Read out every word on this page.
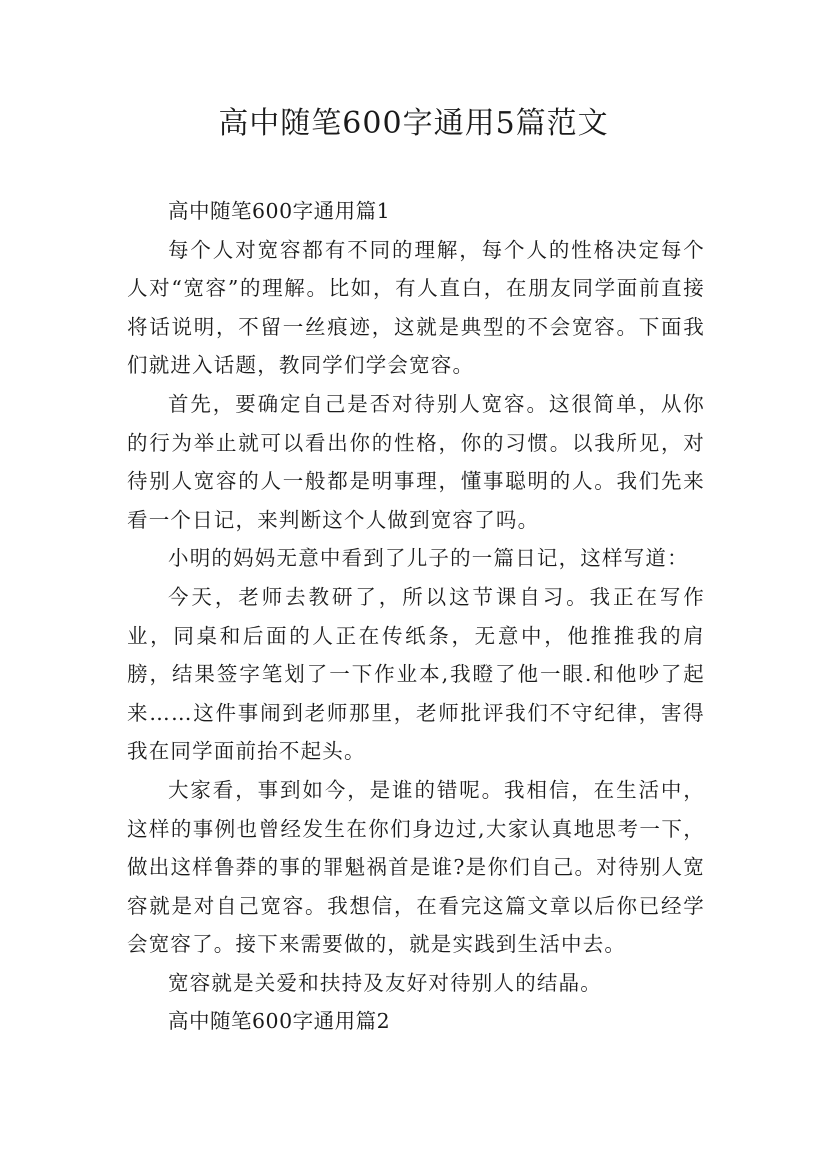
高中随笔600字通用5篇范文

高中随笔600字通用篇1

每个人对宽容都有不同的理解，每个人的性格决定每个人对“宽容”的理解。比如，有人直白，在朋友同学面前直接将话说明，不留一丝痕迹，这就是典型的不会宽容。下面我们就进入话题，教同学们学会宽容。

首先，要确定自己是否对待别人宽容。这很简单，从你的行为举止就可以看出你的性格，你的习惯。以我所见，对待别人宽容的人一般都是明事理，懂事聪明的人。我们先来看一个日记，来判断这个人做到宽容了吗。

小明的妈妈无意中看到了儿子的一篇日记，这样写道：

今天，老师去教研了，所以这节课自习。我正在写作业，同桌和后面的人正在传纸条，无意中，他推推我的肩膀，结果签字笔划了一下作业本,我瞪了他一眼.和他吵了起来……这件事闹到老师那里，老师批评我们不守纪律，害得我在同学面前抬不起头。

大家看，事到如今，是谁的错呢。我相信，在生活中，这样的事例也曾经发生在你们身边过,大家认真地思考一下，做出这样鲁莽的事的罪魁祸首是谁?是你们自己。对待别人宽容就是对自己宽容。我想信，在看完这篇文章以后你已经学会宽容了。接下来需要做的，就是实践到生活中去。

宽容就是关爱和扶持及友好对待别人的结晶。

高中随笔600字通用篇2
